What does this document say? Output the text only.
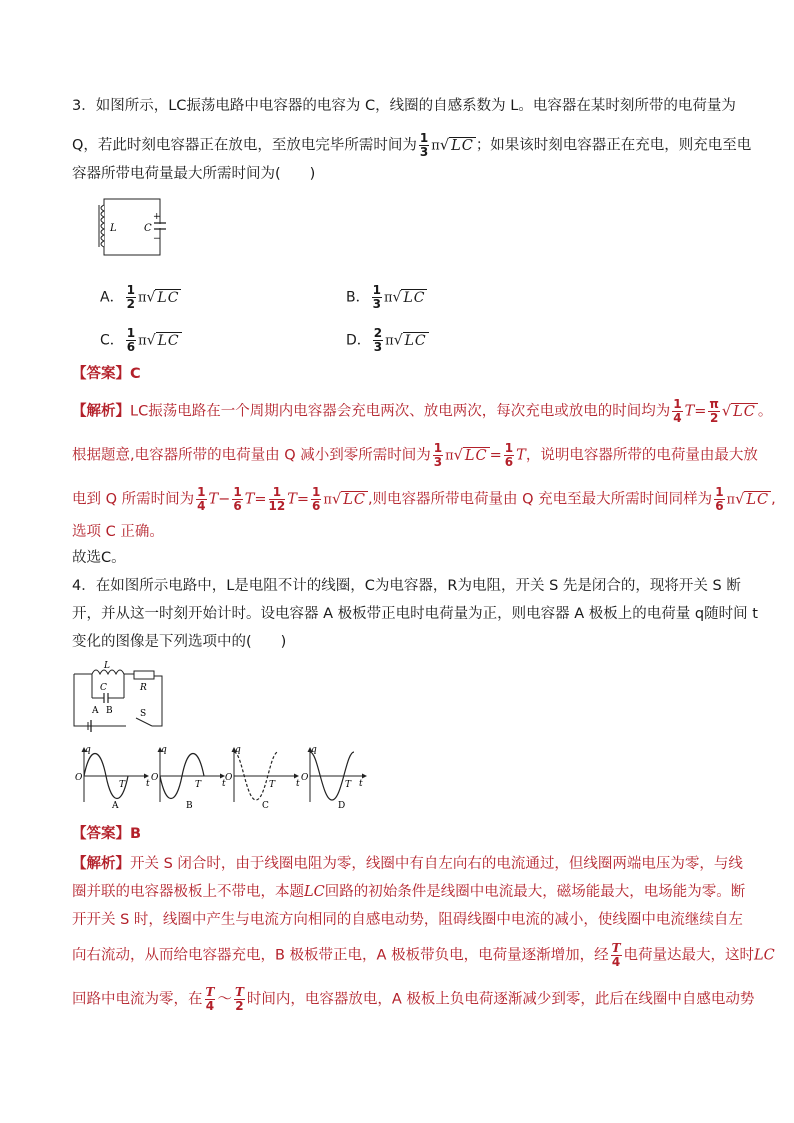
3．如图所示，LC振荡电路中电容器的电容为 C，线圈的自感系数为 L。电容器在某时刻所带的电荷量为
Q，若此时刻电容器正在放电，至放电完毕所需时间为 $\frac{1}{3} \pi√$ LC ；如果该时刻电容器正在充电，则充电至电
容器所带电荷量最大所需时间为(　　)
L	C
+
−
A． $\frac{1}{2} \pi√$ LC	B． $\frac{1}{3} \pi√$ LC
C． $\frac{1}{6} \pi√$ LC	D． $\frac{2}{3} \pi√$ LC
【答案】C
【解析】LC振荡电路在一个周期内电容器会充电两次、放电两次，每次充电或放电的时间均为 $\frac{1}{4} T= \frac{\pi}{2}$ √ LC 。
根据题意,电容器所带的电荷量由 Q 减小到零所需时间为 $\frac{1}{3} \pi√$ LC = $\frac{1}{6}$ T，说明电容器所带的电荷量由最大放
电到 Q 所需时间为 $\frac{1}{4} T- \frac{1}{6} T= \frac{1}{12} T= \frac{1}{6} \pi√$ LC ,则电容器所带电荷量由 Q 充电至最大所需时间同样为 $\frac{1}{6} \pi√$ LC ,
选项 C 正确。
故选C。
4．在如图所示电路中，L是电阻不计的线圈，C为电容器，R为电阻，开关 S 先是闭合的，现将开关 S 断
开，并从这一时刻开始计时。设电容器 A 极板带正电时电荷量为正，则电容器 A 极板上的电荷量 q随时间 t
变化的图像是下列选项中的(　　)
L
R
C
A B	S
q
O
T t
A
q
O
T t
B
q
O
T t
C
q
O
T t
D
【答案】B
【解析】开关 S 闭合时，由于线圈电阻为零，线圈中有自左向右的电流通过，但线圈两端电压为零，与线
圈并联的电容器极板上不带电，本题LC回路的初始条件是线圈中电流最大，磁场能最大，电场能为零。断
开开关 S 时，线圈中产生与电流方向相同的自感电动势，阻碍线圈中电流的减小，使线圈中电流继续自左
向右流动，从而给电容器充电，B 极板带正电，A 极板带负电，电荷量逐渐增加，经 $\frac{T}{4}$ 电荷量达最大，这时LC
回路中电流为零，在 $\frac{T}{4}$ ～ $\frac{T}{2}$ 时间内，电容器放电，A 极板上负电荷逐渐减少到零，此后在线圈中自感电动势
